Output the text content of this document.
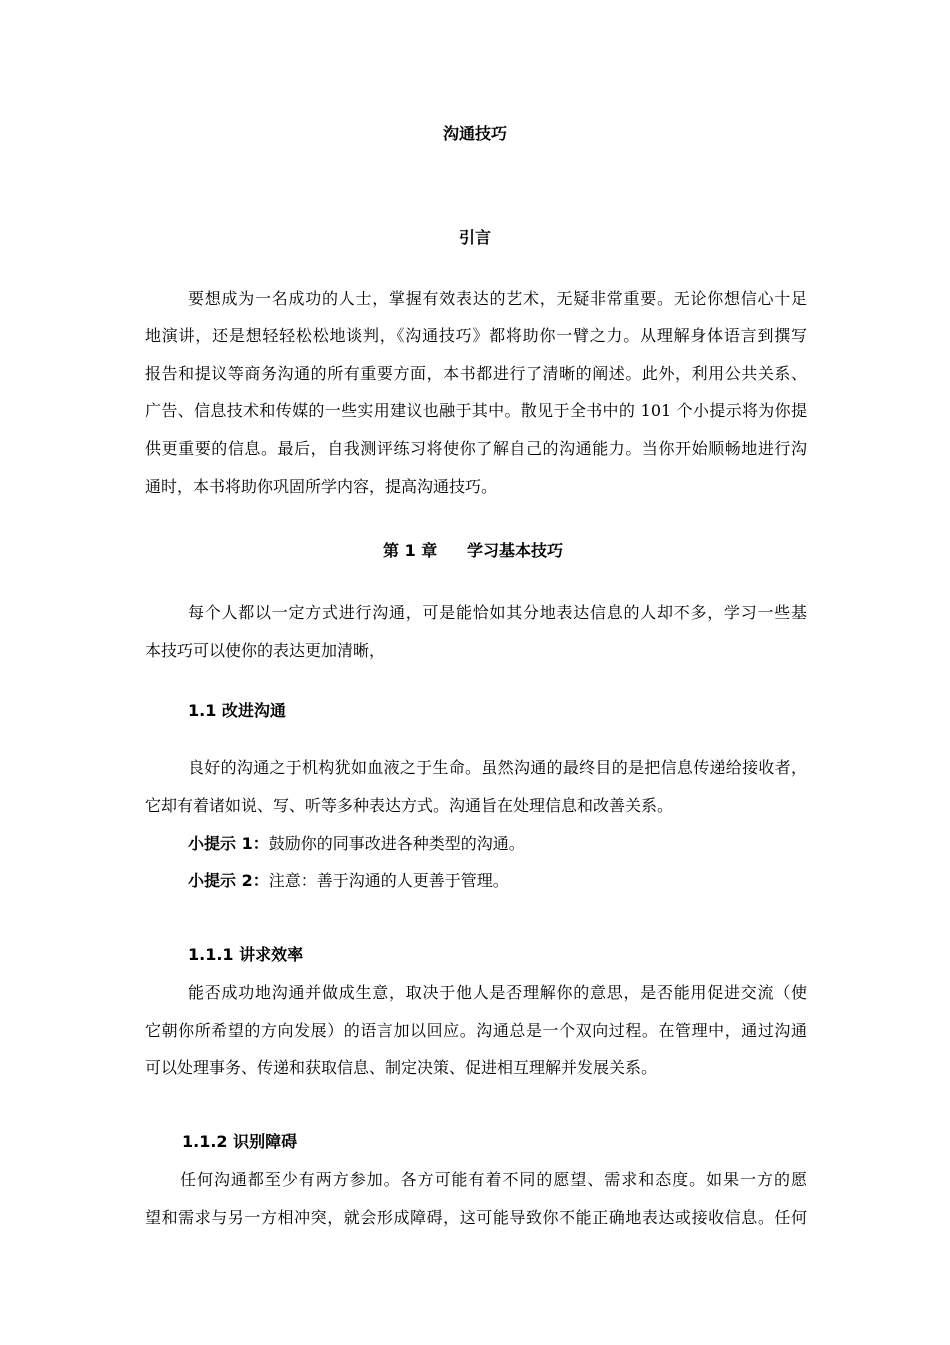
沟通技巧
引言
要想成为一名成功的人士，掌握有效表达的艺术，无疑非常重要。无论你想信心十足
地演讲，还是想轻轻松松地谈判，《沟通技巧》都将助你一臂之力。从理解身体语言到撰写
报告和提议等商务沟通的所有重要方面，本书都进行了清晰的阐述。此外，利用公共关系、
广告、信息技术和传媒的一些实用建议也融于其中。散见于全书中的 101 个小提示将为你提
供更重要的信息。最后，自我测评练习将使你了解自己的沟通能力。当你开始顺畅地进行沟
通时，本书将助你巩固所学内容，提高沟通技巧。
第 1 章 学习基本技巧
每个人都以一定方式进行沟通，可是能恰如其分地表达信息的人却不多，学习一些基
本技巧可以使你的表达更加清晰，
1.1 改进沟通
良好的沟通之于机构犹如血液之于生命。虽然沟通的最终目的是把信息传递给接收者，
它却有着诸如说、写、听等多种表达方式。沟通旨在处理信息和改善关系。
小提示 1：鼓励你的同事改进各种类型的沟通。
小提示 2：注意：善于沟通的人更善于管理。
1.1.1 讲求效率
能否成功地沟通并做成生意，取决于他人是否理解你的意思，是否能用促进交流（使
它朝你所希望的方向发展）的语言加以回应。沟通总是一个双向过程。在管理中，通过沟通
可以处理事务、传递和获取信息、制定决策、促进相互理解并发展关系。
1.1.2 识别障碍
任何沟通都至少有两方参加。各方可能有着不同的愿望、需求和态度。如果一方的愿
望和需求与另一方相冲突，就会形成障碍，这可能导致你不能正确地表达或接收信息。任何
